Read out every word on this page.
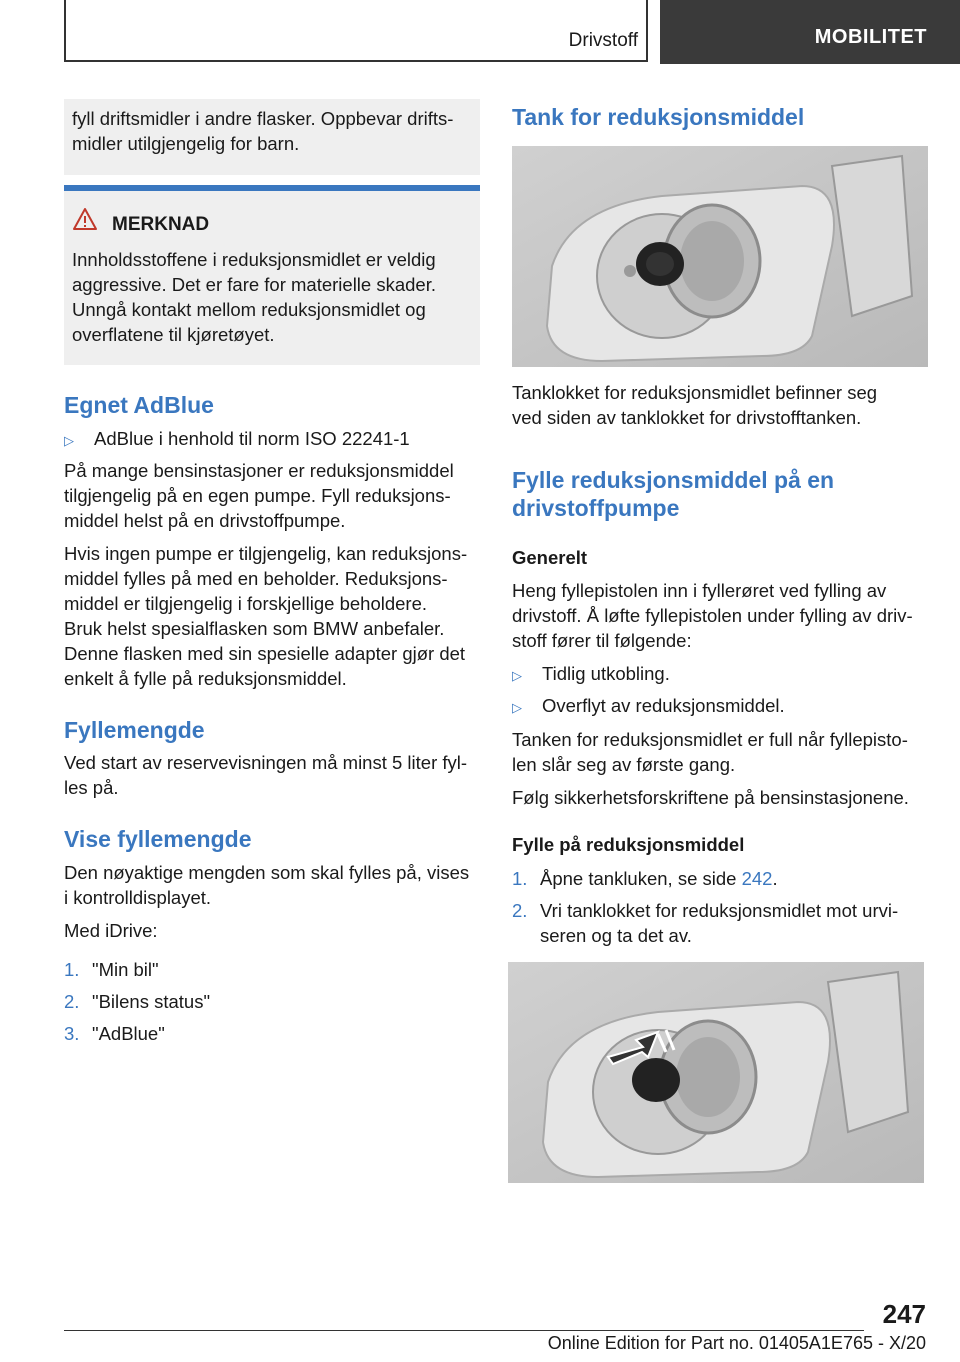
Drivstoff	MOBILITET

fyll driftsmidler i andre flasker. Oppbevar drifts-

midler utilgjengelig for barn.

MERKNAD

Innholdsstoffene i reduksjonsmidlet er veldig

aggressive. Det er fare for materielle skader.

Unngå kontakt mellom reduksjonsmidlet og

overflatene til kjøretøyet.

Egnet AdBlue

▷ AdBlue i henhold til norm ISO 22241-1

På mange bensinstasjoner er reduksjonsmiddel

tilgjengelig på en egen pumpe. Fyll reduksjons-

middel helst på en drivstoffpumpe.

Hvis ingen pumpe er tilgjengelig, kan reduksjons-

middel fylles på med en beholder. Reduksjons-

middel er tilgjengelig i forskjellige beholdere.

Bruk helst spesialflasken som BMW anbefaler.

Denne flasken med sin spesielle adapter gjør det

enkelt å fylle på reduksjonsmiddel.

Fyllemengde

Ved start av reservevisningen må minst 5 liter fyl-

les på.

Vise fyllemengde

Den nøyaktige mengden som skal fylles på, vises

i kontrolldisplayet.

Med iDrive:

1. "Min bil"

2. "Bilens status"

3. "AdBlue"

Tank for reduksjonsmiddel

Tanklokket for reduksjonsmidlet befinner seg

ved siden av tanklokket for drivstofftanken.

Fylle reduksjonsmiddel på en
drivstoffpumpe

Generelt

Heng fyllepistolen inn i fyllerøret ved fylling av

drivstoff. Å løfte fyllepistolen under fylling av driv-

stoff fører til følgende:

▷ Tidlig utkobling.

▷ Overflyt av reduksjonsmiddel.

Tanken for reduksjonsmidlet er full når fyllepisto-

len slår seg av første gang.

Følg sikkerhetsforskriftene på bensinstasjonene.

Fylle på reduksjonsmiddel

1. Åpne tankluken, se side 242.

2. Vri tanklokket for reduksjonsmidlet mot urvi-

seren og ta det av.

247
Online Edition for Part no. 01405A1E765 - X/20
